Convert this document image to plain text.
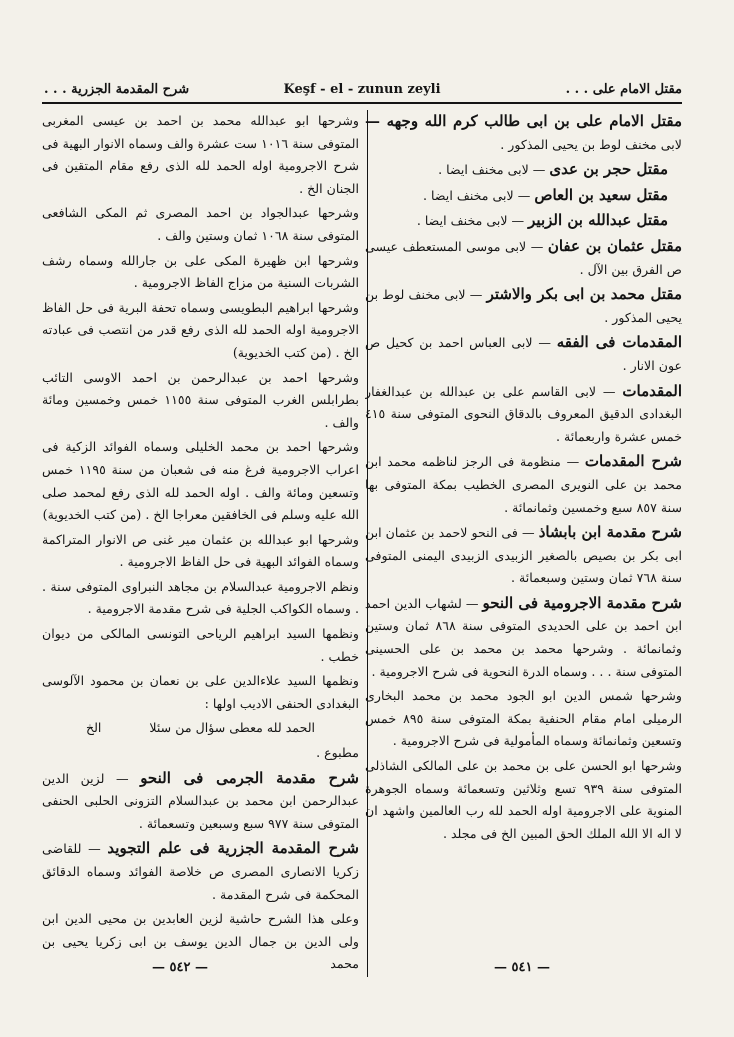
شرح المقدمة الجزرية . . .	Keşf - el - zunun zeyli	مقتل الامام على . . .
مقتل الامام على بن ابى طالب كرم الله وجهه — لابى مخنف لوط بن يحيى المذكور .
مقتل حجر بن عدى — لابى مخنف ايضا .
مقتل سعيد بن العاص — لابى مخنف ايضا .
مقتل عبدالله بن الزبير — لابى مخنف ايضا .
مقتل عثمان بن عفان — لابى موسى المستعطف عيسى ص الفرق بين الآل .
مقتل محمد بن ابى بكر والاشتر — لابى مخنف لوط بن يحيى المذكور .
المقدمات فى الفقه — لابى العباس احمد بن كحيل ص عون الانار .
المقدمات — لابى القاسم على بن عبدالله بن عبدالغفار البغدادى الدقيق المعروف بالدقاق النحوى المتوفى سنة ٤١٥ خمس عشرة واربعمائة .
شرح المقدمات — منظومة فى الرجز لناظمه محمد ابن محمد بن على النويرى المصرى الخطيب بمكة المتوفى بها سنة ٨٥٧ سبع وخمسين وثمانمائة .
شرح مقدمة ابن بابشاذ — فى النحو لاحمد بن عثمان ابن ابى بكر بن بصيص بالصغير الزبيدى الزبيدى اليمنى المتوفى سنة ٧٦٨ ثمان وستين وسبعمائة .
شرح مقدمة الاجرومية فى النحو — لشهاب الدين احمد ابن احمد بن على الحديدى المتوفى سنة ٨٦٨ ثمان وستين وثمانمائة . وشرحها محمد بن محمد بن على الحسينى المتوفى سنة . . . وسماه الدرة النحوية فى شرح الاجرومية .
وشرحها شمس الدين ابو الجود محمد بن محمد البخارى الرميلى امام مقام الحنفية بمكة المتوفى سنة ٨٩٥ خمس وتسعين وثمانمائة وسماه المأمولية فى شرح الاجرومية .
وشرحها ابو الحسن على بن محمد بن على المالكى الشاذلى المتوفى سنة ٩٣٩ تسع وثلاثين وتسعمائة وسماه الجوهرة المنوية على الاجرومية اوله الحمد لله رب العالمين واشهد ان لا اله الا الله الملك الحق المبين الخ فى مجلد .
وشرحها ابو عبدالله محمد بن احمد بن عيسى المغربى المتوفى سنة ١٠١٦ ست عشرة والف وسماه الانوار البهية فى شرح الاجرومية اوله الحمد لله الذى رفع مقام المتقين فى الجنان الخ .
وشرحها عبدالجواد بن احمد المصرى ثم المكى الشافعى المتوفى سنة ١٠٦٨ ثمان وستين والف .
وشرحها ابن ظهيرة المكى على بن جارالله وسماه رشف الشربات السنية من مزاج الفاظ الاجرومية .
وشرحها ابراهيم البطويسى وسماه تحفة البرية فى حل الفاظ الاجرومية اوله الحمد لله الذى رفع قدر من انتصب فى عبادته الخ . (من كتب الخديوية)
وشرحها احمد بن عبدالرحمن بن احمد الاوسى التائب بطرابلس الغرب المتوفى سنة ١١٥٥ خمس وخمسين ومائة والف .
وشرحها احمد بن محمد الخليلى وسماه الفوائد الزكية فى اعراب الاجرومية فرغ منه فى شعبان من سنة ١١٩٥ خمس وتسعين ومائة والف . اوله الحمد لله الذى رفع لمحمد صلى الله عليه وسلم فى الخافقين معراجا الخ . (من كتب الخديوية)
وشرحها ابو عبدالله بن عثمان مير غنى ص الانوار المتراكمة وسماه الفوائد البهية فى حل الفاظ الاجرومية .
ونظم الاجرومية عبدالسلام بن مجاهد النبراوى المتوفى سنة . . وسماه الكواكب الجلية فى شرح مقدمة الاجرومية .
ونظمها السيد ابراهيم الرياحى التونسى المالكى من ديوان خطب .
ونظمها السيد علاءالدين على بن نعمان بن محمود الآلوسى البغدادى الحنفى الاديب اولها :
الحمد لله معطى سؤال من سئلا
الخ
مطبوع .
شرح مقدمة الجرمى فى النحو — لزين الدين عبدالرحمن ابن محمد بن عبدالسلام التزونى الحلبى الحنفى المتوفى سنة ٩٧٧ سبع وسبعين وتسعمائة .
شرح المقدمة الجزرية فى علم التجويد — للقاضى زكريا الانصارى المصرى ص خلاصة الفوائد وسماه الدقائق المحكمة فى شرح المقدمة .
وعلى هذا الشرح حاشية لزين العابدين بن محيى الدين ابن ولى الدين بن جمال الدين يوسف بن ابى زكريا يحيى بن محمد
— ٥٤٢ —	— ٥٤١ —
